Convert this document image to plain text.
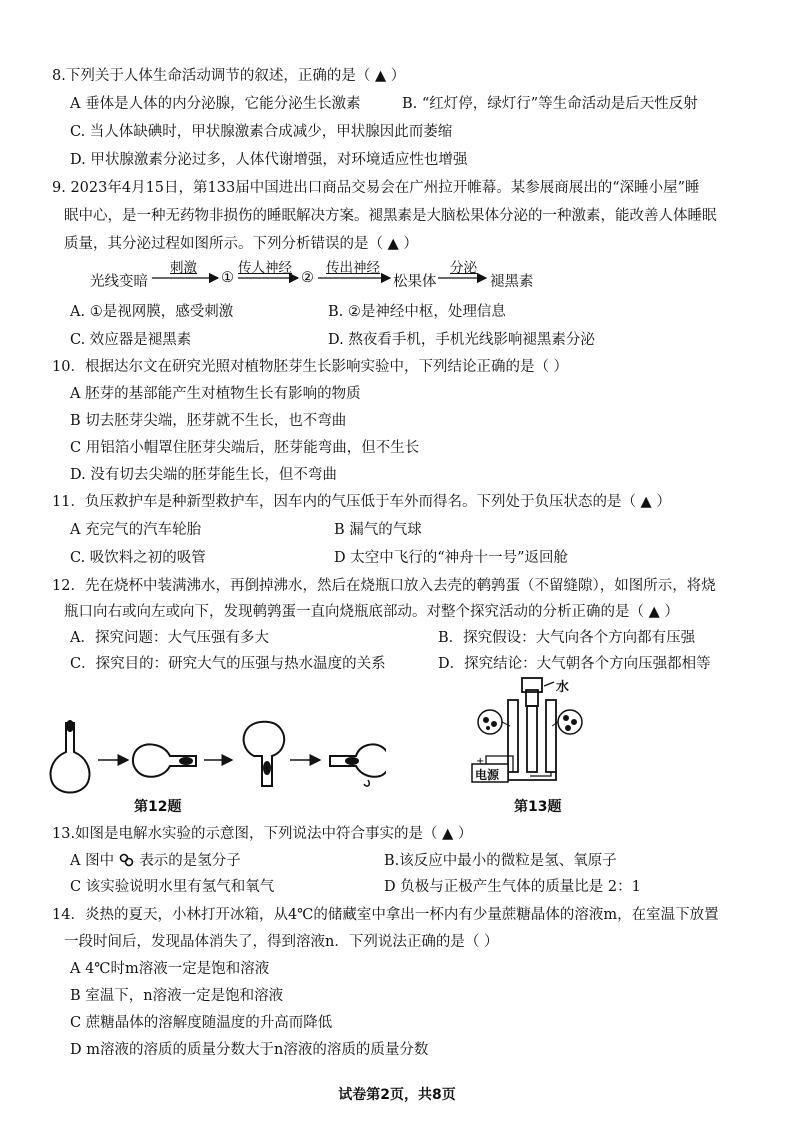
8.下列关于人体生命活动调节的叙述，正确的是（ ▲ ）
A 垂体是人体的内分泌腺，它能分泌生长激素	B. “红灯停，绿灯行”等生命活动是后天性反射
C. 当人体缺碘时，甲状腺激素合成减少，甲状腺因此而萎缩
D. 甲状腺激素分泌过多，人体代谢增强，对环境适应性也增强
9. 2023年4月15日，第133届中国进出口商品交易会在广州拉开帷幕。某参展商展出的“深睡小屋”睡
眠中心，是一种无药物非损伤的睡眠解决方案。褪黑素是大脑松果体分泌的一种激素，能改善人体睡眠
质量，其分泌过程如图所示。下列分析错误的是（ ▲ ）
光线变暗
刺激
①
传人神经
②
传出神经
松果体
分泌
褪黑素
A. ①是视网膜，感受刺激	B. ②是神经中枢，处理信息
C. 效应器是褪黑素	D. 熬夜看手机，手机光线影响褪黑素分泌
10．根据达尔文在研究光照对植物胚芽生长影响实验中，下列结论正确的是（ ）
A 胚芽的基部能产生对植物生长有影响的物质
B 切去胚芽尖端，胚芽就不生长，也不弯曲
C 用铝箔小帽罩住胚芽尖端后，胚芽能弯曲，但不生长
D. 没有切去尖端的胚芽能生长，但不弯曲
11．负压救护车是种新型救护车，因车内的气压低于车外而得名。下列处于负压状态的是（ ▲ ）
A 充完气的汽车轮胎	B 漏气的气球
C. 吸饮料之初的吸管	D 太空中飞行的“神舟十一号”返回舱
12．先在烧杯中装满沸水，再倒掉沸水，然后在烧瓶口放入去壳的鹌鹑蛋（不留缝隙），如图所示，将烧
瓶口向右或向左或向下，发现鹌鹑蛋一直向烧瓶底部动。对整个探究活动的分析正确的是（ ▲ ）
A．探究问题：大气压强有多大	B．探究假设：大气向各个方向都有压强
C．探究目的：研究大气的压强与热水温度的关系	D．探究结论：大气朝各个方向压强都相等
第12题
+
水
电源
第13题
13.如图是电解水实验的示意图，下列说法中符合事实的是（ ▲ ）
A 图中 表示的是氢分子	B.该反应中最小的微粒是氢、氧原子
C 该实验说明水里有氢气和氧气	D 负极与正极产生气体的质量比是 2：1
14．炎热的夏天，小林打开冰箱，从4℃的储藏室中拿出一杯内有少量蔗糖晶体的溶液m，在室温下放置
一段时间后，发现晶体消失了，得到溶液n．下列说法正确的是（ ）
A 4℃时m溶液一定是饱和溶液
B 室温下，n溶液一定是饱和溶液
C 蔗糖晶体的溶解度随温度的升高而降低
D m溶液的溶质的质量分数大于n溶液的溶质的质量分数
试卷第2页，共8页
